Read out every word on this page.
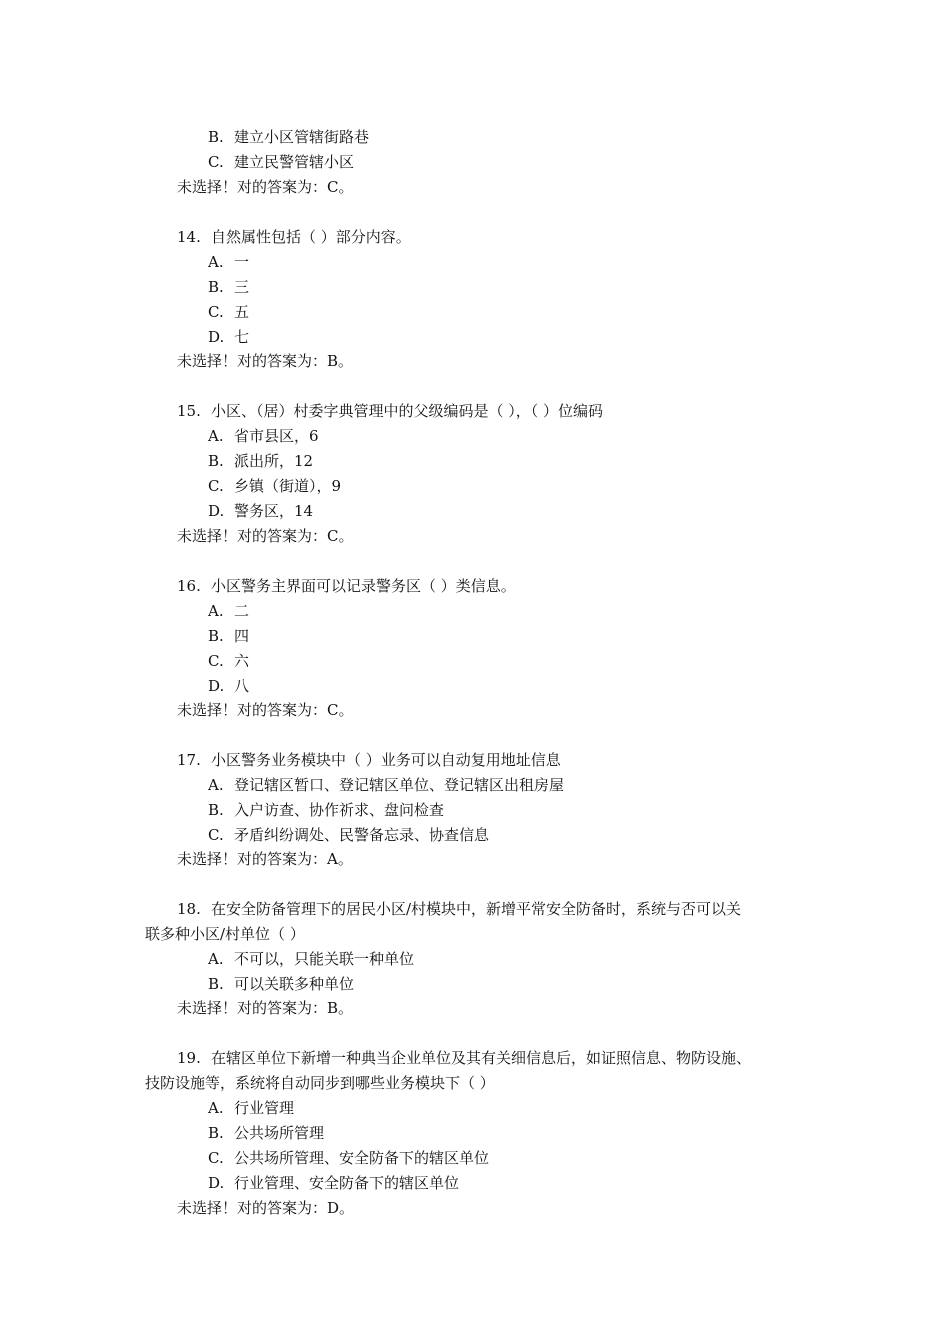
B. 建立小区管辖街路巷
C. 建立民警管辖小区
未选择！对的答案为：C。
14. 自然属性包括（ ）部分内容。
A. 一
B. 三
C. 五
D. 七
未选择！对的答案为：B。
15. 小区、（居）村委字典管理中的父级编码是（ ），（ ）位编码
A. 省市县区，6
B. 派出所，12
C. 乡镇（街道），9
D. 警务区，14
未选择！对的答案为：C。
16. 小区警务主界面可以记录警务区（ ）类信息。
A. 二
B. 四
C. 六
D. 八
未选择！对的答案为：C。
17. 小区警务业务模块中（ ）业务可以自动复用地址信息
A. 登记辖区暂口、登记辖区单位、登记辖区出租房屋
B. 入户访查、协作祈求、盘问检查
C. 矛盾纠纷调处、民警备忘录、协查信息
未选择！对的答案为：A。
18. 在安全防备管理下的居民小区/村模块中，新增平常安全防备时，系统与否可以关
联多种小区/村单位（ ）
A. 不可以，只能关联一种单位
B. 可以关联多种单位
未选择！对的答案为：B。
19. 在辖区单位下新增一种典当企业单位及其有关细信息后，如证照信息、物防设施、
技防设施等，系统将自动同步到哪些业务模块下（ ）
A. 行业管理
B. 公共场所管理
C. 公共场所管理、安全防备下的辖区单位
D. 行业管理、安全防备下的辖区单位
未选择！对的答案为：D。
